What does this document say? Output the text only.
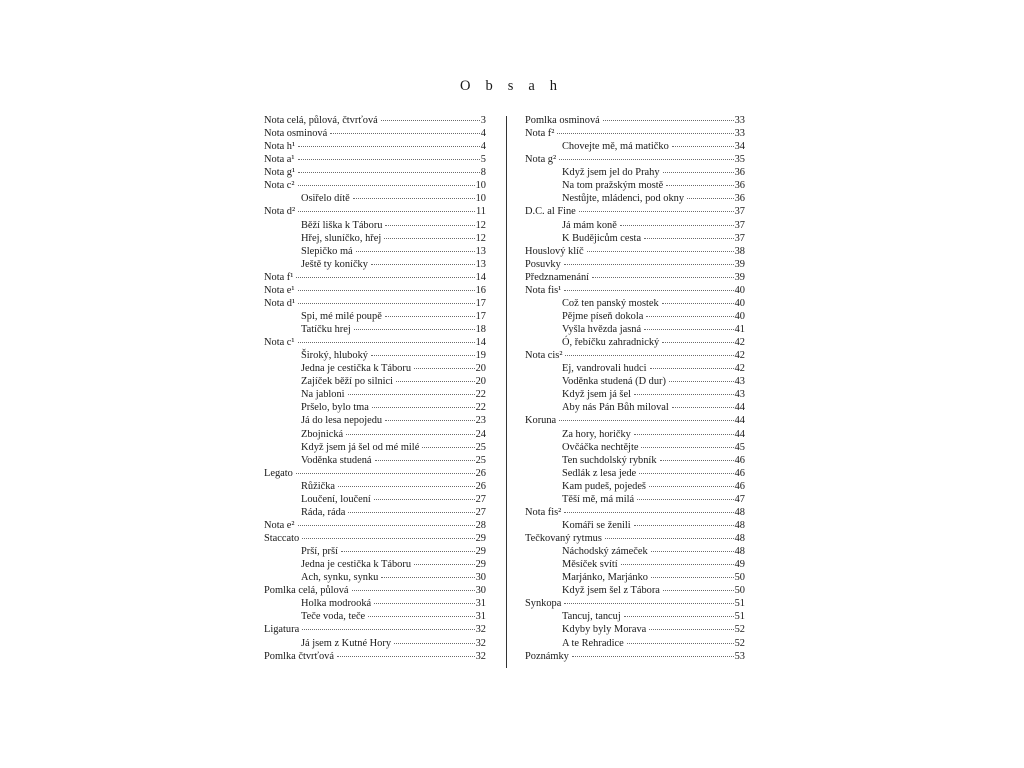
Obsah
Nota celá, půlová, čtvrťová	3
Nota osminová	4
Nota h¹	4
Nota a¹	5
Nota g¹	8
Nota c²	10
Osiřelo dítě	10
Nota d²	11
Běží liška k Táboru	12
Hřej, sluníčko, hřej	12
Slepičko má	13
Ještě ty koníčky	13
Nota f¹	14
Nota e¹	16
Nota d¹	17
Spi, mé milé poupě	17
Tatíčku hrej	18
Nota c¹	14
Široký, hluboký	19
Jedna je cestička k Táboru	20
Zajíček běží po silnici	20
Na jabloni	22
Pršelo, bylo tma	22
Já do lesa nepojedu	23
Zbojnická	24
Když jsem já šel od mé milé	25
Voděnka studená	25
Legato	26
Růžička	26
Loučení, loučení	27
Ráda, ráda	27
Nota e²	28
Staccato	29
Prší, prší	29
Jedna je cestička k Táboru	29
Ach, synku, synku	30
Pomlka celá, půlová	30
Holka modrooká	31
Teče voda, teče	31
Ligatura	32
Já jsem z Kutné Hory	32
Pomlka čtvrťová	32
Pomlka osminová	33
Nota f²	33
Chovejte mě, má matičko	34
Nota g²	35
Když jsem jel do Prahy	36
Na tom pražským mostě	36
Nestůjte, mládenci, pod okny	36
D.C. al Fine	37
Já mám koně	37
K Budějicům cesta	37
Houslový klíč	38
Posuvky	39
Předznamenání	39
Nota fis¹	40
Což ten panský mostek	40
Pějme píseň dokola	40
Vyšla hvězda jasná	41
Ó, řebíčku zahradnický	42
Nota cis²	42
Ej, vandrovali hudci	42
Voděnka studená (D dur)	43
Když jsem já šel	43
Aby nás Pán Bůh miloval	44
Koruna	44
Za hory, horičky	44
Ovčáčka nechtějte	45
Ten suchdolský rybník	46
Sedlák z lesa jede	46
Kam pudeš, pojedeš	46
Těší mě, má milá	47
Nota fis²	48
Komáři se ženili	48
Tečkovaný rytmus	48
Náchodský zámeček	48
Měsíček svítí	49
Marjánko, Marjánko	50
Když jsem šel z Tábora	50
Synkopa	51
Tancuj, tancuj	51
Kdyby byly Morava	52
A te Rehradice	52
Poznámky	53
